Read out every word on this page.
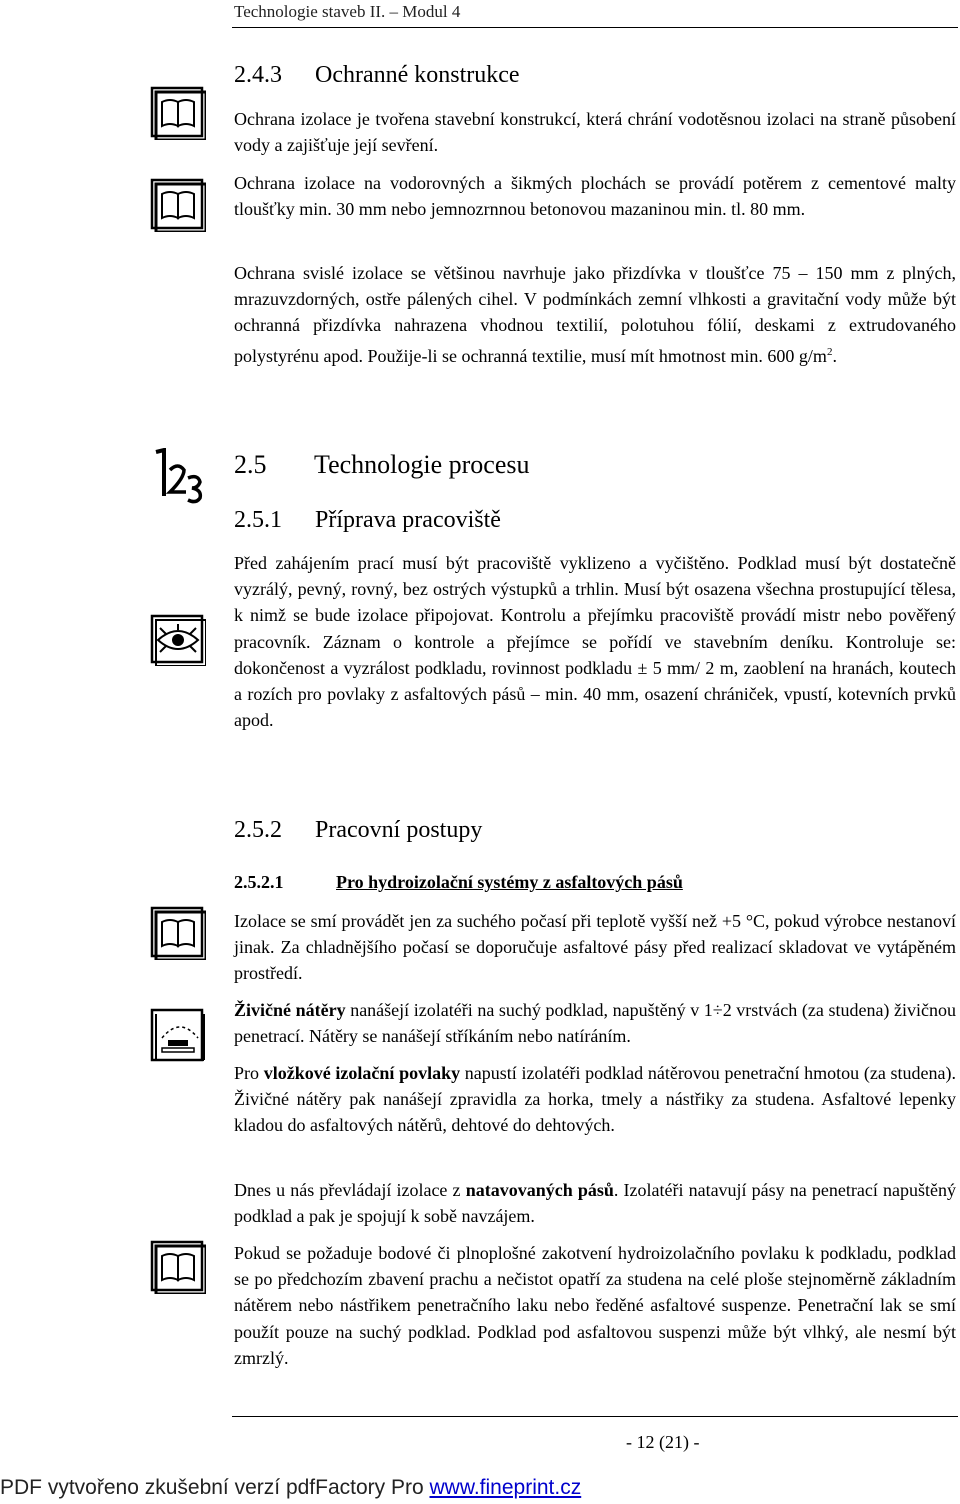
Technologie staveb II. – Modul 4
2.4.3 Ochranné konstrukce

Ochrana izolace je tvořena stavební konstrukcí, která chrání vodotěsnou izolaci na straně působení vody a zajišťuje její sevření.

Ochrana izolace na vodorovných a šikmých plochách se provádí potěrem z cementové malty tloušťky min. 30 mm nebo jemnozrnnou betonovou mazaninou min. tl. 80 mm.

Ochrana svislé izolace se většinou navrhuje jako přizdívka v tloušťce 75 – 150 mm z plných, mrazuvzdorných, ostře pálených cihel. V podmínkách zemní vlhkosti a gravitační vody může být ochranná přizdívka nahrazena vhodnou textilií, polotuhou fólií, deskami z extrudovaného polystyrénu apod. Použije-li se ochranná textilie, musí mít hmotnost min. 600 $g/m^2$.

2.5 Technologie procesu
2.5.1 Příprava pracoviště

Před zahájením prací musí být pracoviště vyklizeno a vyčištěno. Podklad musí být dostatečně vyzrálý, pevný, rovný, bez ostrých výstupků a trhlin. Musí být osazena všechna prostupující tělesa, k nimž se bude izolace připojovat. Kontrolu a přejímku pracoviště provádí mistr nebo pověřený pracovník. Záznam o kontrole a přejímce se pořídí ve stavebním deníku. Kontroluje se: dokončenost a vyzrálost podkladu, rovinnost podkladu ± 5 mm/ 2 m, zaoblení na hranách, koutech a rozích pro povlaky z asfaltových pásů – min. 40 mm, osazení chrániček, vpustí, kotevních prvků apod.

2.5.2 Pracovní postupy
2.5.2.1	Pro hydroizolační systémy z asfaltových pásů

Izolace se smí provádět jen za suchého počasí při teplotě vyšší než +5 °C, pokud výrobce nestanoví jinak. Za chladnějšího počasí se doporučuje asfaltové pásy před realizací skladovat ve vytápěném prostředí.

Živičné nátěry nanášejí izolatéři na suchý podklad, napuštěný v 1÷2 vrstvách (za studena) živičnou penetrací. Nátěry se nanášejí stříkáním nebo natíráním.

Pro vložkové izolační povlaky napustí izolatéři podklad nátěrovou penetrační hmotou (za studena). Živičné nátěry pak nanášejí zpravidla za horka, tmely a nástřiky za studena. Asfaltové lepenky kladou do asfaltových nátěrů, dehtové do dehtových.

Dnes u nás převládají izolace z natavovaných pásů. Izolatéři natavují pásy na penetrací napuštěný podklad a pak je spojují k sobě navzájem.

Pokud se požaduje bodové či plnoplošné zakotvení hydroizolačního povlaku k podkladu, podklad se po předchozím zbavení prachu a nečistot opatří za studena na celé ploše stejnoměrně základním nátěrem nebo nástřikem penetračního laku nebo ředěné asfaltové suspenze. Penetrační lak se smí použít pouze na suchý podklad. Podklad pod asfaltovou suspenzi může být vlhký, ale nesmí být zmrzlý.

- 12 (21) -
PDF vytvořeno zkušební verzí pdfFactory Pro www.fineprint.cz
